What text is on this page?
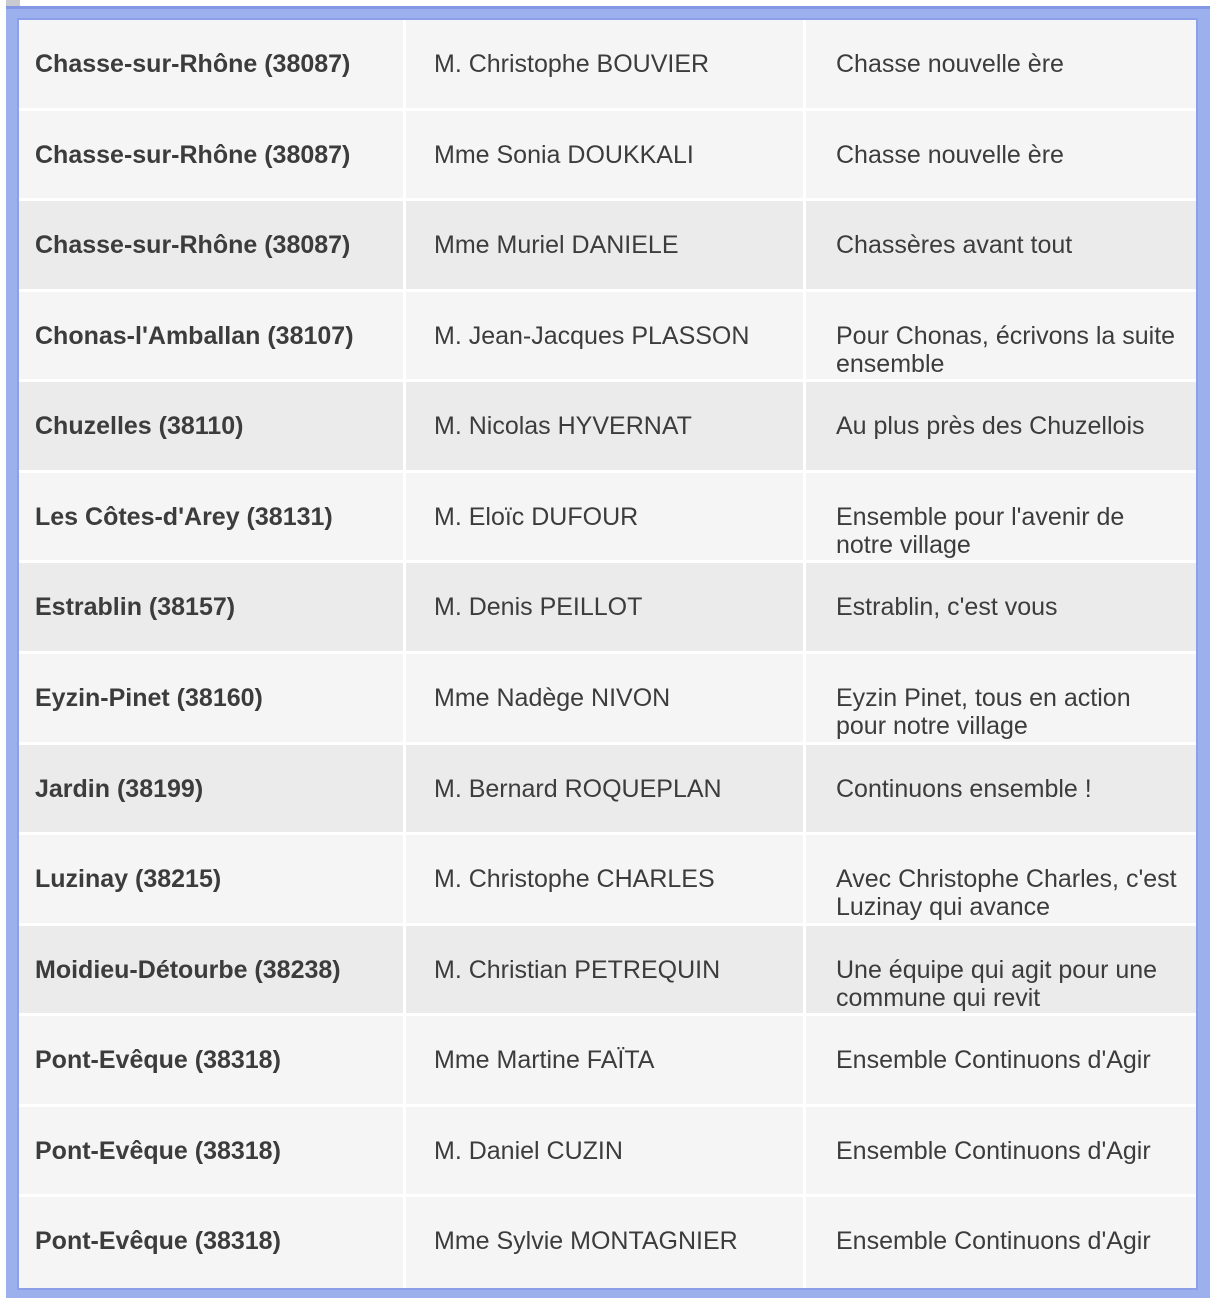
Chasse-sur-Rhône (38087)	M. Christophe BOUVIER	Chasse nouvelle ère
Chasse-sur-Rhône (38087)	Mme Sonia DOUKKALI	Chasse nouvelle ère
Chasse-sur-Rhône (38087)	Mme Muriel DANIELE	Chassères avant tout
Chonas-l'Amballan (38107)	M. Jean-Jacques PLASSON	Pour Chonas, écrivons la suite ensemble
Chuzelles (38110)	M. Nicolas HYVERNAT	Au plus près des Chuzellois
Les Côtes-d'Arey (38131)	M. Eloïc DUFOUR	Ensemble pour l'avenir de notre village
Estrablin (38157)	M. Denis PEILLOT	Estrablin, c'est vous
Eyzin-Pinet (38160)	Mme Nadège NIVON	Eyzin Pinet, tous en action pour notre village
Jardin (38199)	M. Bernard ROQUEPLAN	Continuons ensemble !
Luzinay (38215)	M. Christophe CHARLES	Avec Christophe Charles, c'est Luzinay qui avance
Moidieu-Détourbe (38238)	M. Christian PETREQUIN	Une équipe qui agit pour une commune qui revit
Pont-Evêque (38318)	Mme Martine FAÏTA	Ensemble Continuons d'Agir
Pont-Evêque (38318)	M. Daniel CUZIN	Ensemble Continuons d'Agir
Pont-Evêque (38318)	Mme Sylvie MONTAGNIER	Ensemble Continuons d'Agir
